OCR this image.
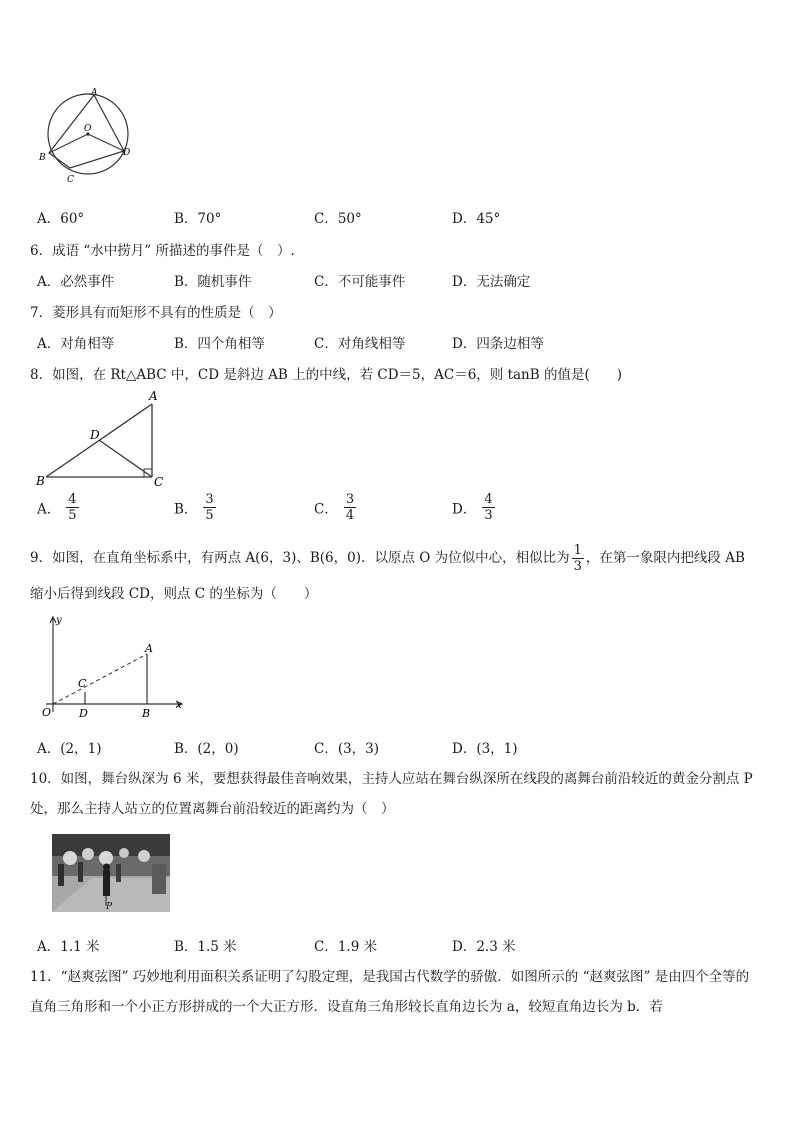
A
O
B
C
D
A．60°	B．70°	C．50°	D．45°
6．成语 “水中捞月” 所描述的事件是（　）.
A．必然事件	B．随机事件	C．不可能事件	D．无法确定
7．菱形具有而矩形不具有的性质是（　）
A．对角相等	B．四个角相等	C．对角线相等	D．四条边相等
8．如图，在 Rt△ABC 中，CD 是斜边 AB 上的中线，若 CD＝5，AC＝6，则 tanB 的值是(　　)
A
D
B	C
A． $\frac{4}{5}$	B． $\frac{3}{5}$	C． $\frac{3}{4}$	D． $\frac{4}{3}$
9．如图，在直角坐标系中，有两点 A(6，3)、B(6，0)．以原点 O 为位似中心，相似比为 $\frac{1}{3}$ ，在第一象限内把线段 AB
缩小后得到线段 CD，则点 C 的坐标为（　　）
y
x
O
A
C
D	B
A．(2，1)	B．(2，0)	C．(3，3)	D．(3，1)
10．如图，舞台纵深为 6 米，要想获得最佳音响效果，主持人应站在舞台纵深所在线段的离舞台前沿较近的黄金分割点 P 处，那么主持人站立的位置离舞台前沿较近的距离约为（　）
P
A．1.1 米	B．1.5 米	C．1.9 米	D．2.3 米
11．“赵爽弦图” 巧妙地利用面积关系证明了勾股定理，是我国古代数学的骄傲．如图所示的 “赵爽弦图” 是由四个全等的直角三角形和一个小正方形拼成的一个大正方形．设直角三角形较长直角边长为 a，较短直角边长为 b．若
